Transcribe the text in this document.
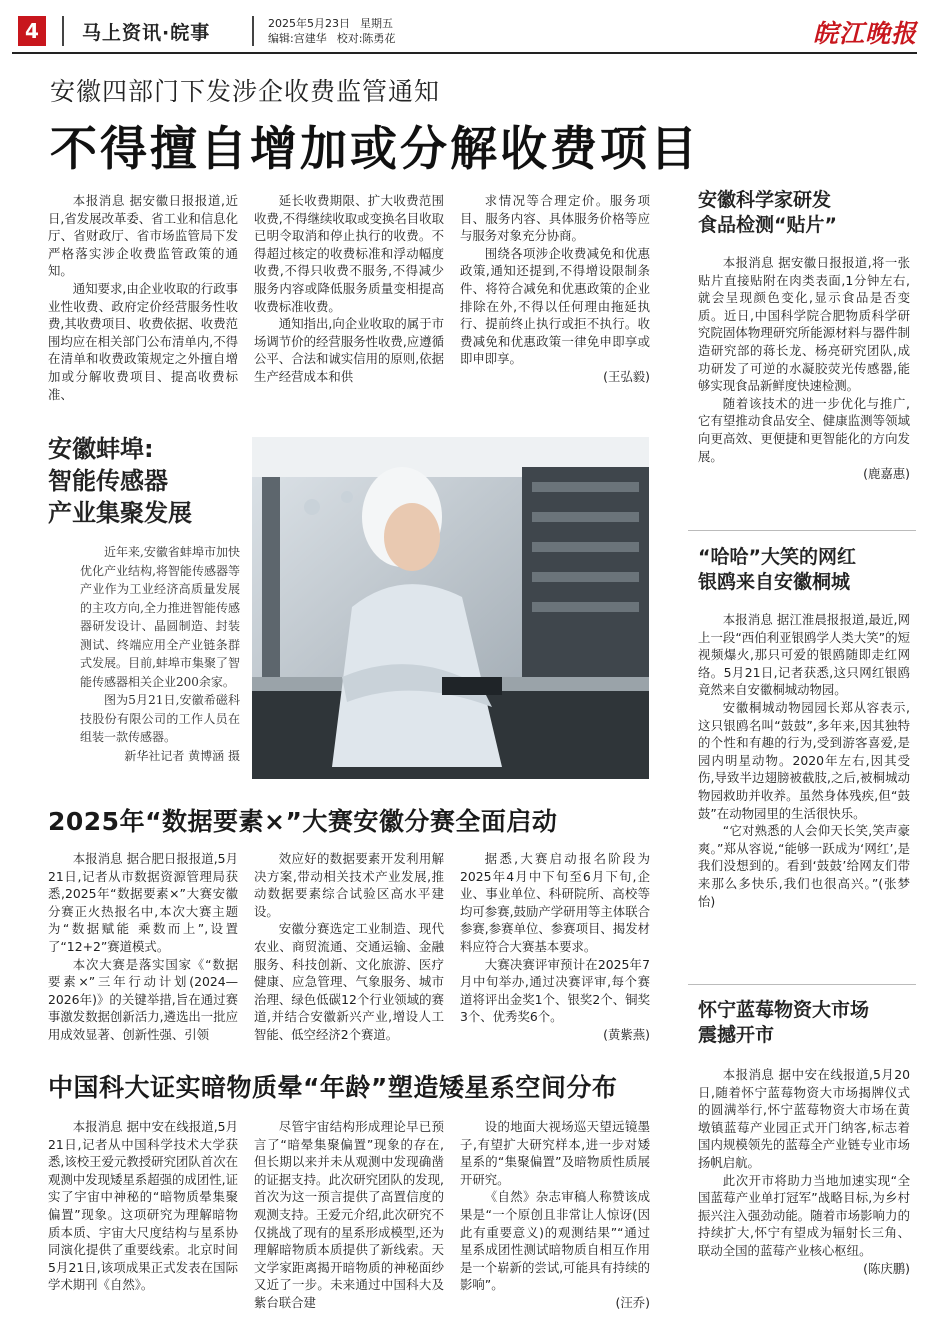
4	马上资讯·皖事	2025年5月23日 星期五
编辑:宫建华 校对:陈勇花	皖江晚报
安徽四部门下发涉企收费监管通知
不得擅自增加或分解收费项目

本报消息 据安徽日报报道,近日,省发展改革委、省工业和信息化厅、省财政厅、省市场监管局下发严格落实涉企收费监管政策的通知。

通知要求,由企业收取的行政事业性收费、政府定价经营服务性收费,其收费项目、收费依据、收费范围均应在相关部门公布清单内,不得在清单和收费政策规定之外擅自增加或分解收费项目、提高收费标准、

延长收费期限、扩大收费范围收费,不得继续收取或变换名目收取已明令取消和停止执行的收费。不得超过核定的收费标准和浮动幅度收费,不得只收费不服务,不得减少服务内容或降低服务质量变相提高收费标准收费。

通知指出,向企业收取的属于市场调节价的经营服务性收费,应遵循公平、合法和诚实信用的原则,依据生产经营成本和供

求情况等合理定价。服务项目、服务内容、具体服务价格等应与服务对象充分协商。

围绕各项涉企收费减免和优惠政策,通知还提到,不得增设限制条件、将符合减免和优惠政策的企业排除在外,不得以任何理由拖延执行、提前终止执行或拒不执行。收费减免和优惠政策一律免申即享或即申即享。

(王弘毅)
安徽蚌埠:
智能传感器
产业集聚发展

近年来,安徽省蚌埠市加快优化产业结构,将智能传感器等产业作为工业经济高质量发展的主攻方向,全力推进智能传感器研发设计、晶圆制造、封装测试、终端应用全产业链条群式发展。目前,蚌埠市集聚了智能传感器相关企业200余家。

图为5月21日,安徽希磁科技股份有限公司的工作人员在组装一款传感器。

新华社记者 黄博涵 摄
2025年“数据要素×”大赛安徽分赛全面启动

本报消息 据合肥日报报道,5月21日,记者从市数据资源管理局获悉,2025年“数据要素×”大赛安徽分赛正火热报名中,本次大赛主题为“数据赋能 乘数而上”,设置了“12+2”赛道模式。

本次大赛是落实国家《“数据要素×”三年行动计划(2024—2026年)》的关键举措,旨在通过赛事激发数据创新活力,遴选出一批应用成效显著、创新性强、引领

效应好的数据要素开发利用解决方案,带动相关技术产业发展,推动数据要素综合试验区高水平建设。

安徽分赛选定工业制造、现代农业、商贸流通、交通运输、金融服务、科技创新、文化旅游、医疗健康、应急管理、气象服务、城市治理、绿色低碳12个行业领域的赛道,并结合安徽新兴产业,增设人工智能、低空经济2个赛道。

据悉,大赛启动报名阶段为2025年4月中下旬至6月下旬,企业、事业单位、科研院所、高校等均可参赛,鼓励产学研用等主体联合参赛,参赛单位、参赛项目、揭发材料应符合大赛基本要求。

大赛决赛评审预计在2025年7月中旬举办,通过决赛评审,每个赛道将评出金奖1个、银奖2个、铜奖3个、优秀奖6个。

(黄紫燕)
中国科大证实暗物质晕“年龄”塑造矮星系空间分布

本报消息 据中安在线报道,5月21日,记者从中国科学技术大学获悉,该校王爱元教授研究团队首次在观测中发现矮星系超强的成团性,证实了宇宙中神秘的“暗物质晕集聚偏置”现象。这项研究为理解暗物质本质、宇宙大尺度结构与星系协同演化提供了重要线索。北京时间5月21日,该项成果正式发表在国际学术期刊《自然》。

尽管宇宙结构形成理论早已预言了“暗晕集聚偏置”现象的存在,但长期以来并未从观测中发现确凿的证据支持。此次研究团队的发现,首次为这一预言提供了高置信度的观测支持。王爱元介绍,此次研究不仅挑战了现有的星系形成模型,还为理解暗物质本质提供了新线索。天文学家距离揭开暗物质的神秘面纱又近了一步。未来通过中国科大及紫台联合建

设的地面大视场巡天望远镜墨子,有望扩大研究样本,进一步对矮星系的“集聚偏置”及暗物质性质展开研究。

《自然》杂志审稿人称赞该成果是“一个原创且非常让人惊讶(因此有重要意义)的观测结果”“通过星系成团性测试暗物质自相互作用是一个崭新的尝试,可能具有持续的影响”。

(汪乔)
安徽科学家研发
食品检测“贴片”

本报消息 据安徽日报报道,将一张贴片直接贴附在肉类表面,1分钟左右,就会呈现颜色变化,显示食品是否变质。近日,中国科学院合肥物质科学研究院固体物理研究所能源材料与器件制造研究部的蒋长龙、杨亮研究团队,成功研发了可逆的水凝胶荧光传感器,能够实现食品新鲜度快速检测。

随着该技术的进一步优化与推广,它有望推动食品安全、健康监测等领域向更高效、更便捷和更智能化的方向发展。

(鹿嘉惠)
“哈哈”大笑的网红
银鸥来自安徽桐城

本报消息 据江淮晨报报道,最近,网上一段“西伯利亚银鸥学人类大笑”的短视频爆火,那只可爱的银鸥随即走红网络。5月21日,记者获悉,这只网红银鸥竟然来自安徽桐城动物园。

安徽桐城动物园园长郑从容表示,这只银鸥名叫“鼓鼓”,多年来,因其独特的个性和有趣的行为,受到游客喜爱,是园内明星动物。2020年左右,因其受伤,导致半边翅膀被截肢,之后,被桐城动物园救助并收养。虽然身体残疾,但“鼓鼓”在动物园里的生活很快乐。

“它对熟悉的人会仰天长笑,笑声豪爽。”郑从容说,“能够一跃成为‘网红’,是我们没想到的。看到‘鼓鼓’给网友们带来那么多快乐,我们也很高兴。”(张梦怡)

怀宁蓝莓物资大市场
震撼开市

本报消息 据中安在线报道,5月20日,随着怀宁蓝莓物资大市场揭牌仪式的圆满举行,怀宁蓝莓物资大市场在黄墩镇蓝莓产业园正式开门纳客,标志着国内规模领先的蓝莓全产业链专业市场扬帆启航。

此次开市将助力当地加速实现“全国蓝莓产业单打冠军”战略目标,为乡村振兴注入强劲动能。随着市场影响力的持续扩大,怀宁有望成为辐射长三角、联动全国的蓝莓产业核心枢纽。

(陈庆鹏)
